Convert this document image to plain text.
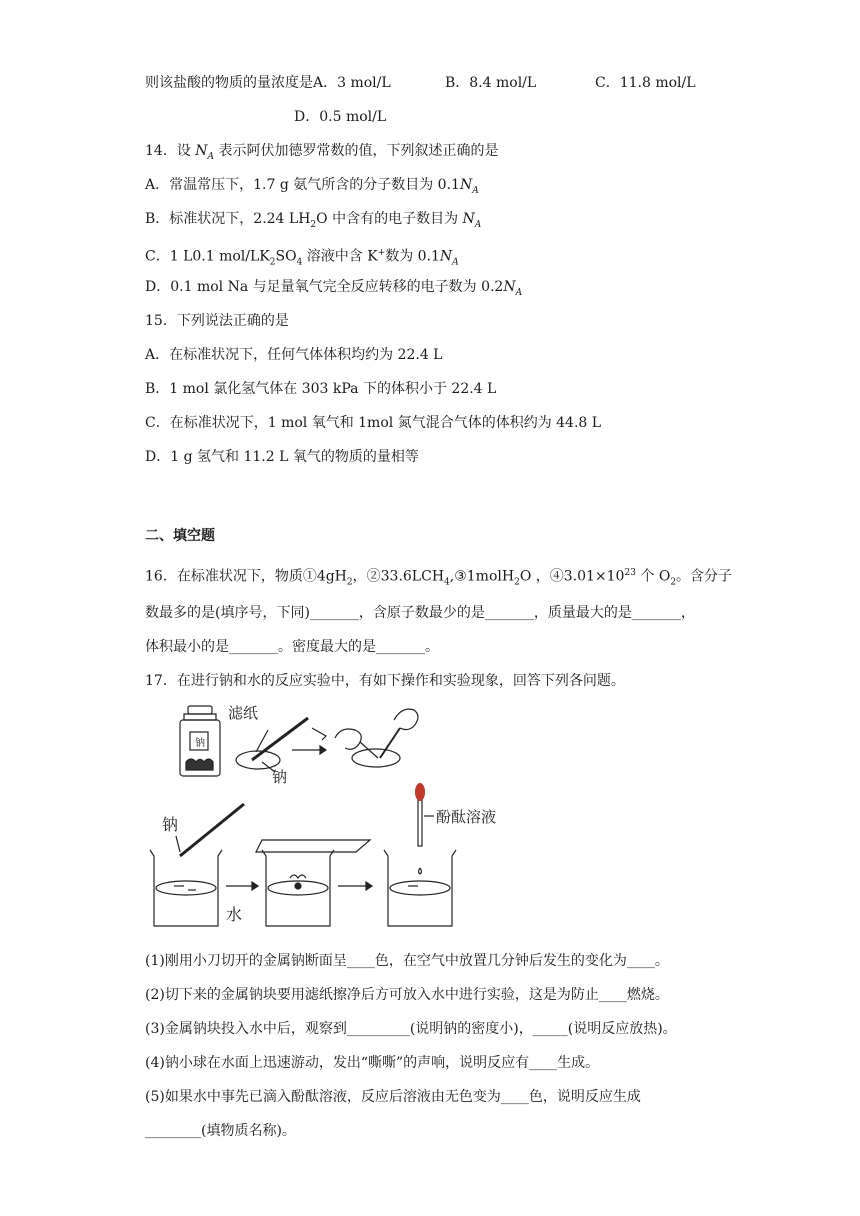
则该盐酸的物质的量浓度是A．3 mol/L	B．8.4 mol/L	C．11.8 mol/L
D．0.5 mol/L
14．设 $N_A$ 表示阿伏加德罗常数的值，下列叙述正确的是
A．常温常压下，1.7 g 氨气所含的分子数目为 $0.1N_A$
B．标准状况下，2.24 $LH_2O$ 中含有的电子数目为 $N_A$
C．1 L0.1 mol/$LK_2SO_4$ 溶液中含 K+数为 $0.1N_A$
D．0.1 mol Na 与足量氧气完全反应转移的电子数为 $0.2N_A$
15．下列说法正确的是
A．在标准状况下，任何气体体积均约为 22.4 L
B．1 mol 氯化氢气体在 303 kPa 下的体积小于 22.4 L
C．在标准状况下，1 mol 氧气和 1mol 氮气混合气体的体积约为 44.8 L
D．1 g 氢气和 11.2 L 氧气的物质的量相等
二、填空题
16．在标准状况下，物质$①4gH_2$，$②33.6LCH_4,③1molH_2O$ ，$④3.01\times 10^{23}$ 个 $O_2$。含分子
数最多的是(填序号，下同)_______，含原子数最少的是_______，质量最大的是_______，
体积最小的是_______。密度最大的是_______。
17．在进行钠和水的反应实验中，有如下操作和实验现象，回答下列各问题。
滤纸
钠
钠
钠
水
酚酞溶液
(1)刚用小刀切开的金属钠断面呈____色，在空气中放置几分钟后发生的变化为____。
(2)切下来的金属钠块要用滤纸擦净后方可放入水中进行实验，这是为防止____燃烧。
(3)金属钠块投入水中后，观察到_________(说明钠的密度小)，_____(说明反应放热)。
(4)钠小球在水面上迅速游动，发出“嘶嘶”的声响，说明反应有____生成。
(5)如果水中事先已滴入酚酞溶液，反应后溶液由无色变为____色，说明反应生成
________(填物质名称)。
